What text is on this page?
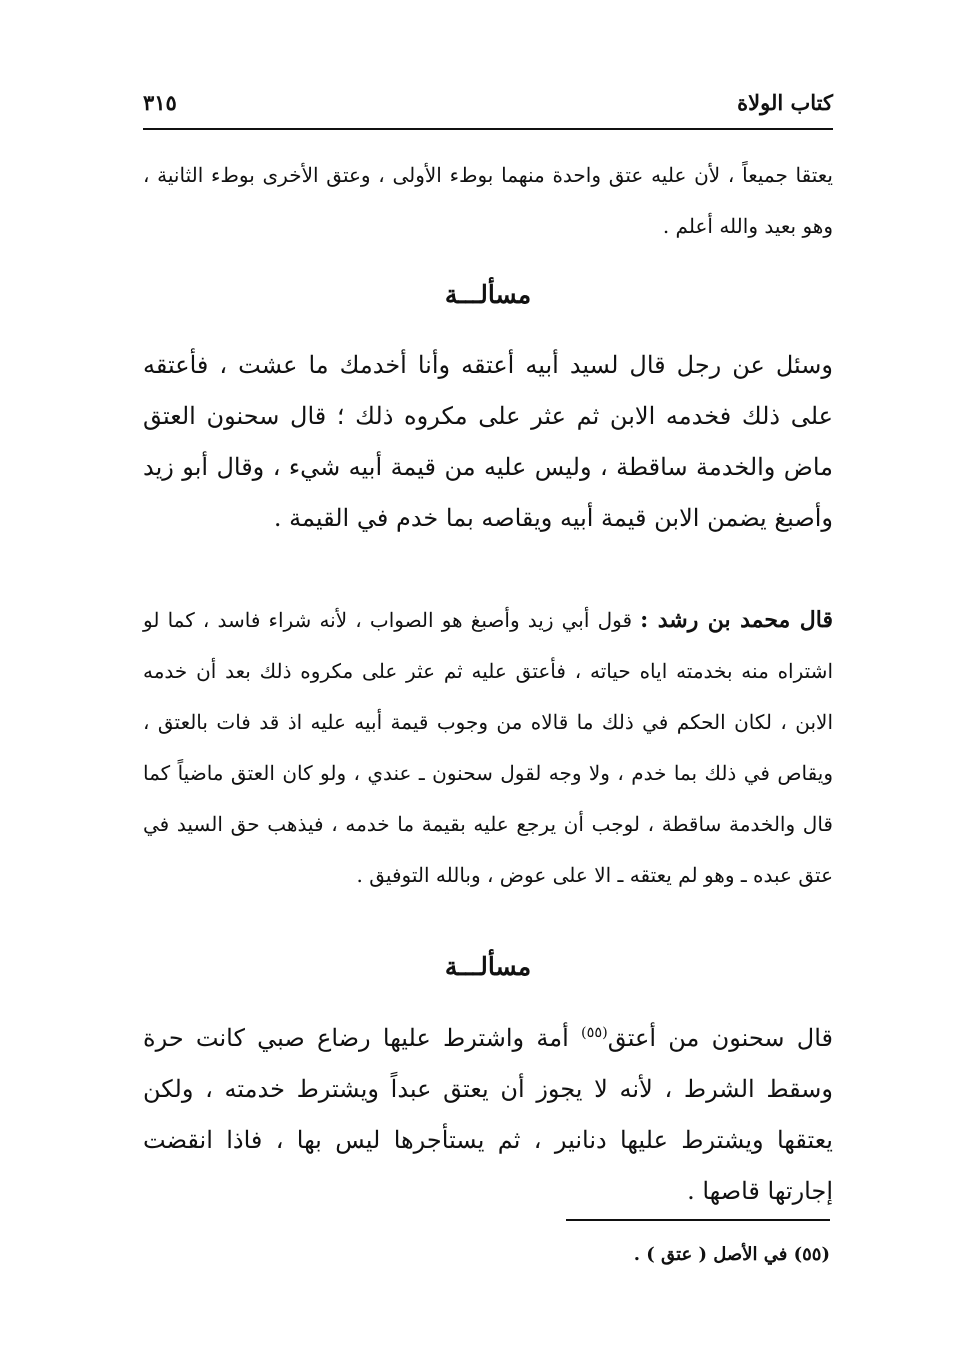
كتاب الولاة
٣١٥

يعتقا جميعاً ، لأن عليه عتق واحدة منهما بوطء الأولى ، وعتق الأخرى بوطء الثانية ، وهو بعيد والله أعلم .

مسألـــة

وسئل عن رجل قال لسيد أبيه أعتقه وأنا أخدمك ما عشت ، فأعتقه على ذلك فخدمه الابن ثم عثر على مكروه ذلك ؛ قال سحنون العتق ماض والخدمة ساقطة ، وليس عليه من قيمة أبيه شيء ، وقال أبو زيد وأصبغ يضمن الابن قيمة أبيه ويقاصه بما خدم في القيمة .

قال محمد بن رشد : قول أبي زيد وأصبغ هو الصواب ، لأنه شراء فاسد ، كما لو اشتراه منه بخدمته اياه حياته ، فأعتق عليه ثم عثر على مكروه ذلك بعد أن خدمه الابن ، لكان الحكم في ذلك ما قالاه من وجوب قيمة أبيه عليه اذ قد فات بالعتق ، ويقاص في ذلك بما خدم ، ولا وجه لقول سحنون ـ عندي ، ولو كان العتق ماضياً كما قال والخدمة ساقطة ، لوجب أن يرجع عليه بقيمة ما خدمه ، فيذهب حق السيد في عتق عبده ـ وهو لم يعتقه ـ الا على عوض ، وبالله التوفيق .

مسألـــة

قال سحنون من أعتق$^{(٥٥)}$ أمة واشترط عليها رضاع صبي كانت حرة وسقط الشرط ، لأنه لا يجوز أن يعتق عبداً ويشترط خدمته ، ولكن يعتقها ويشترط عليها دنانير ، ثم يستأجرها ليس بها ، فاذا انقضت إجارتها قاصها .

(٥٥) في الأصل ( عتق ) .
